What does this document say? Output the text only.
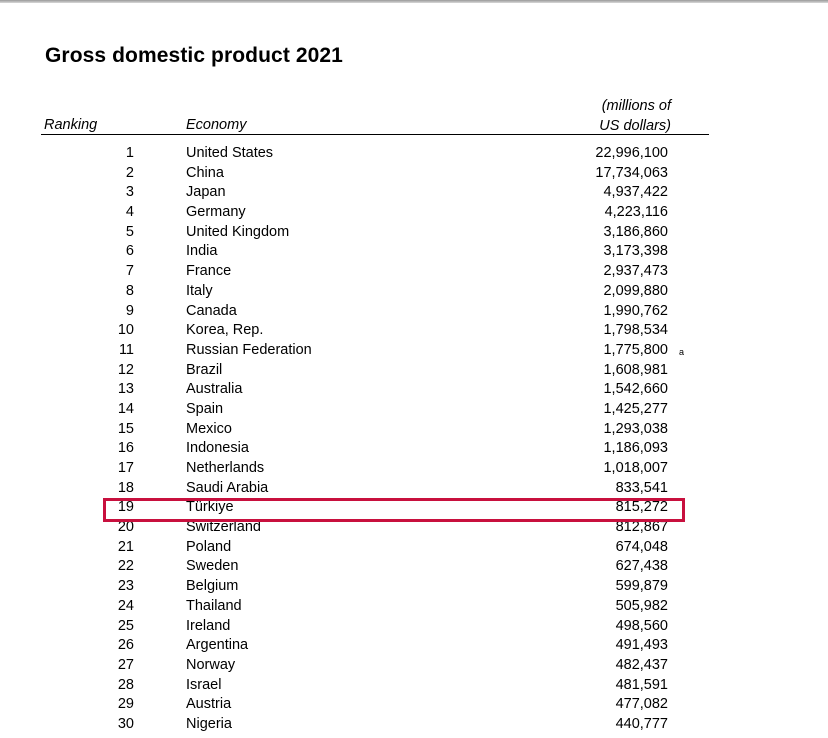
Gross domestic product 2021
Ranking	Economy
(millions of
US dollars)
1	United States	22,996,100
2	China	17,734,063
3	Japan	4,937,422
4	Germany	4,223,116
5	United Kingdom	3,186,860
6	India	3,173,398
7	France	2,937,473
8	Italy	2,099,880
9	Canada	1,990,762
10	Korea, Rep.	1,798,534
11	Russian Federation	1,775,800 a
12	Brazil	1,608,981
13	Australia	1,542,660
14	Spain	1,425,277
15	Mexico	1,293,038
16	Indonesia	1,186,093
17	Netherlands	1,018,007
18	Saudi Arabia	833,541
19	Türkiye	815,272
20	Switzerland	812,867
21	Poland	674,048
22	Sweden	627,438
23	Belgium	599,879
24	Thailand	505,982
25	Ireland	498,560
26	Argentina	491,493
27	Norway	482,437
28	Israel	481,591
29	Austria	477,082
30	Nigeria	440,777
